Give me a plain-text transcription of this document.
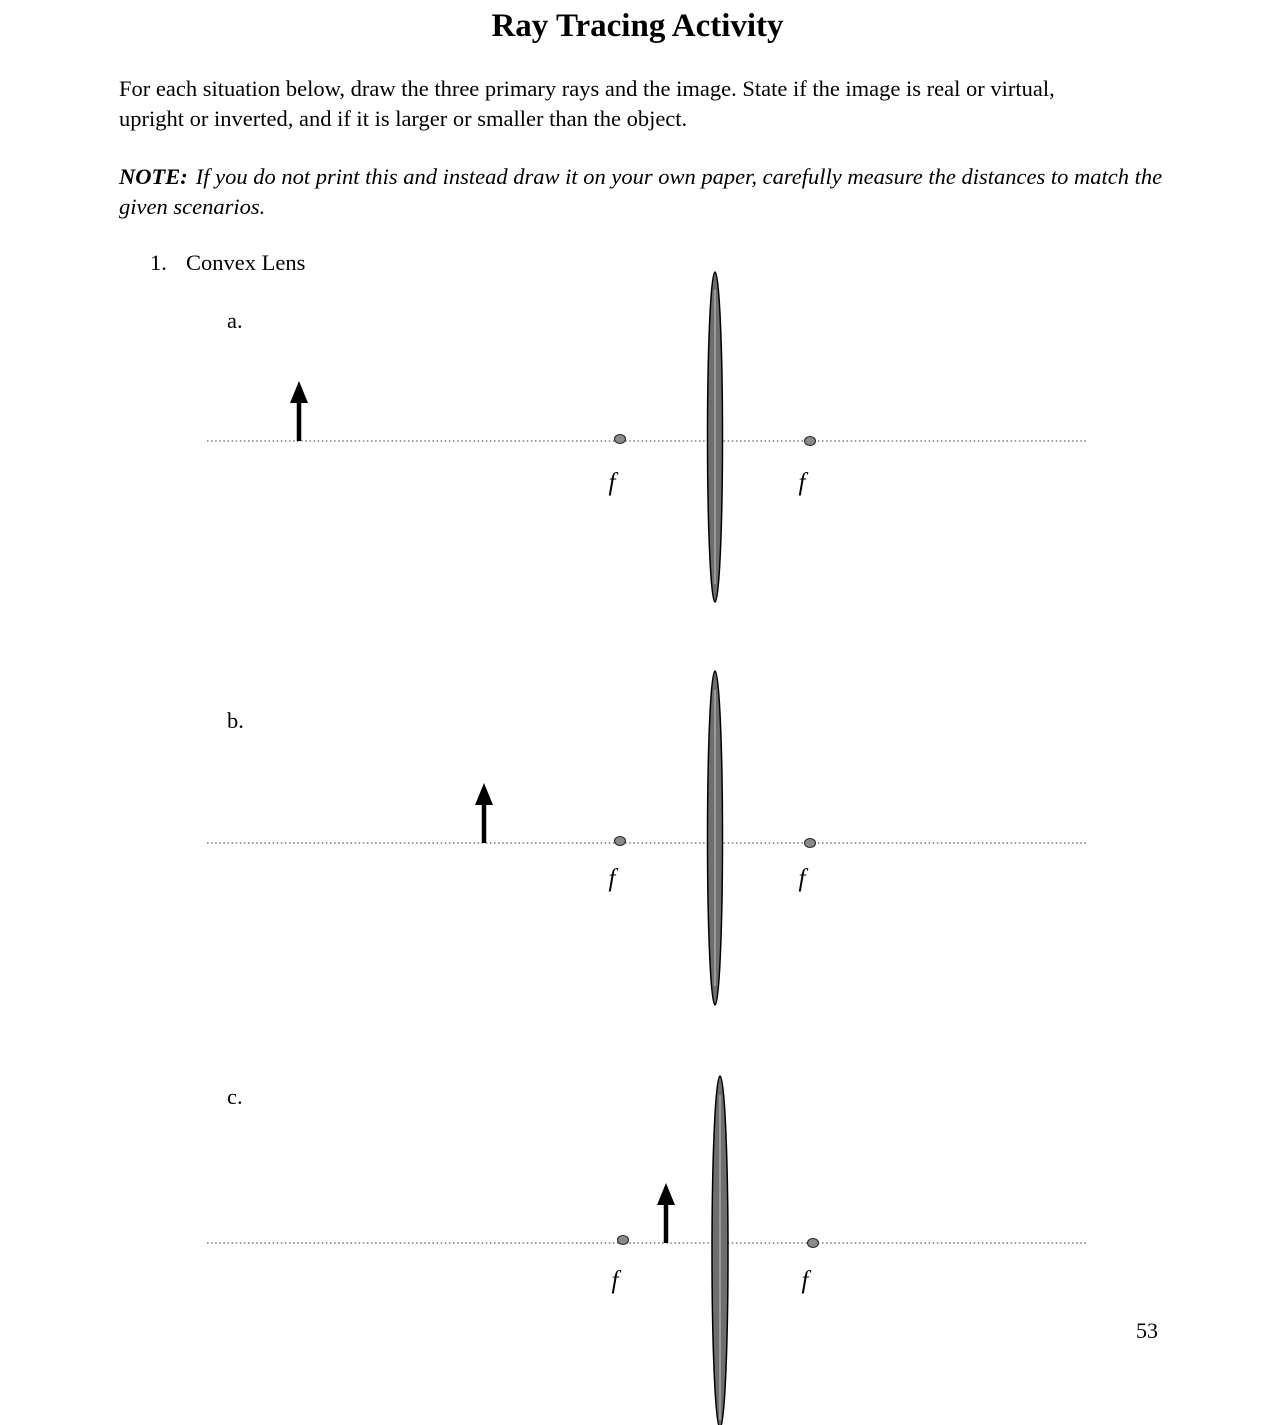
Ray Tracing Activity

For each situation below, draw the three primary rays and the image. State if the image is real or virtual, upright or inverted, and if it is larger or smaller than the object.

NOTE: If you do not print this and instead draw it on your own paper, carefully measure the distances to match the given scenarios.

1. Convex Lens
a.
b.
c.
f	f
f	f
f	f
53
